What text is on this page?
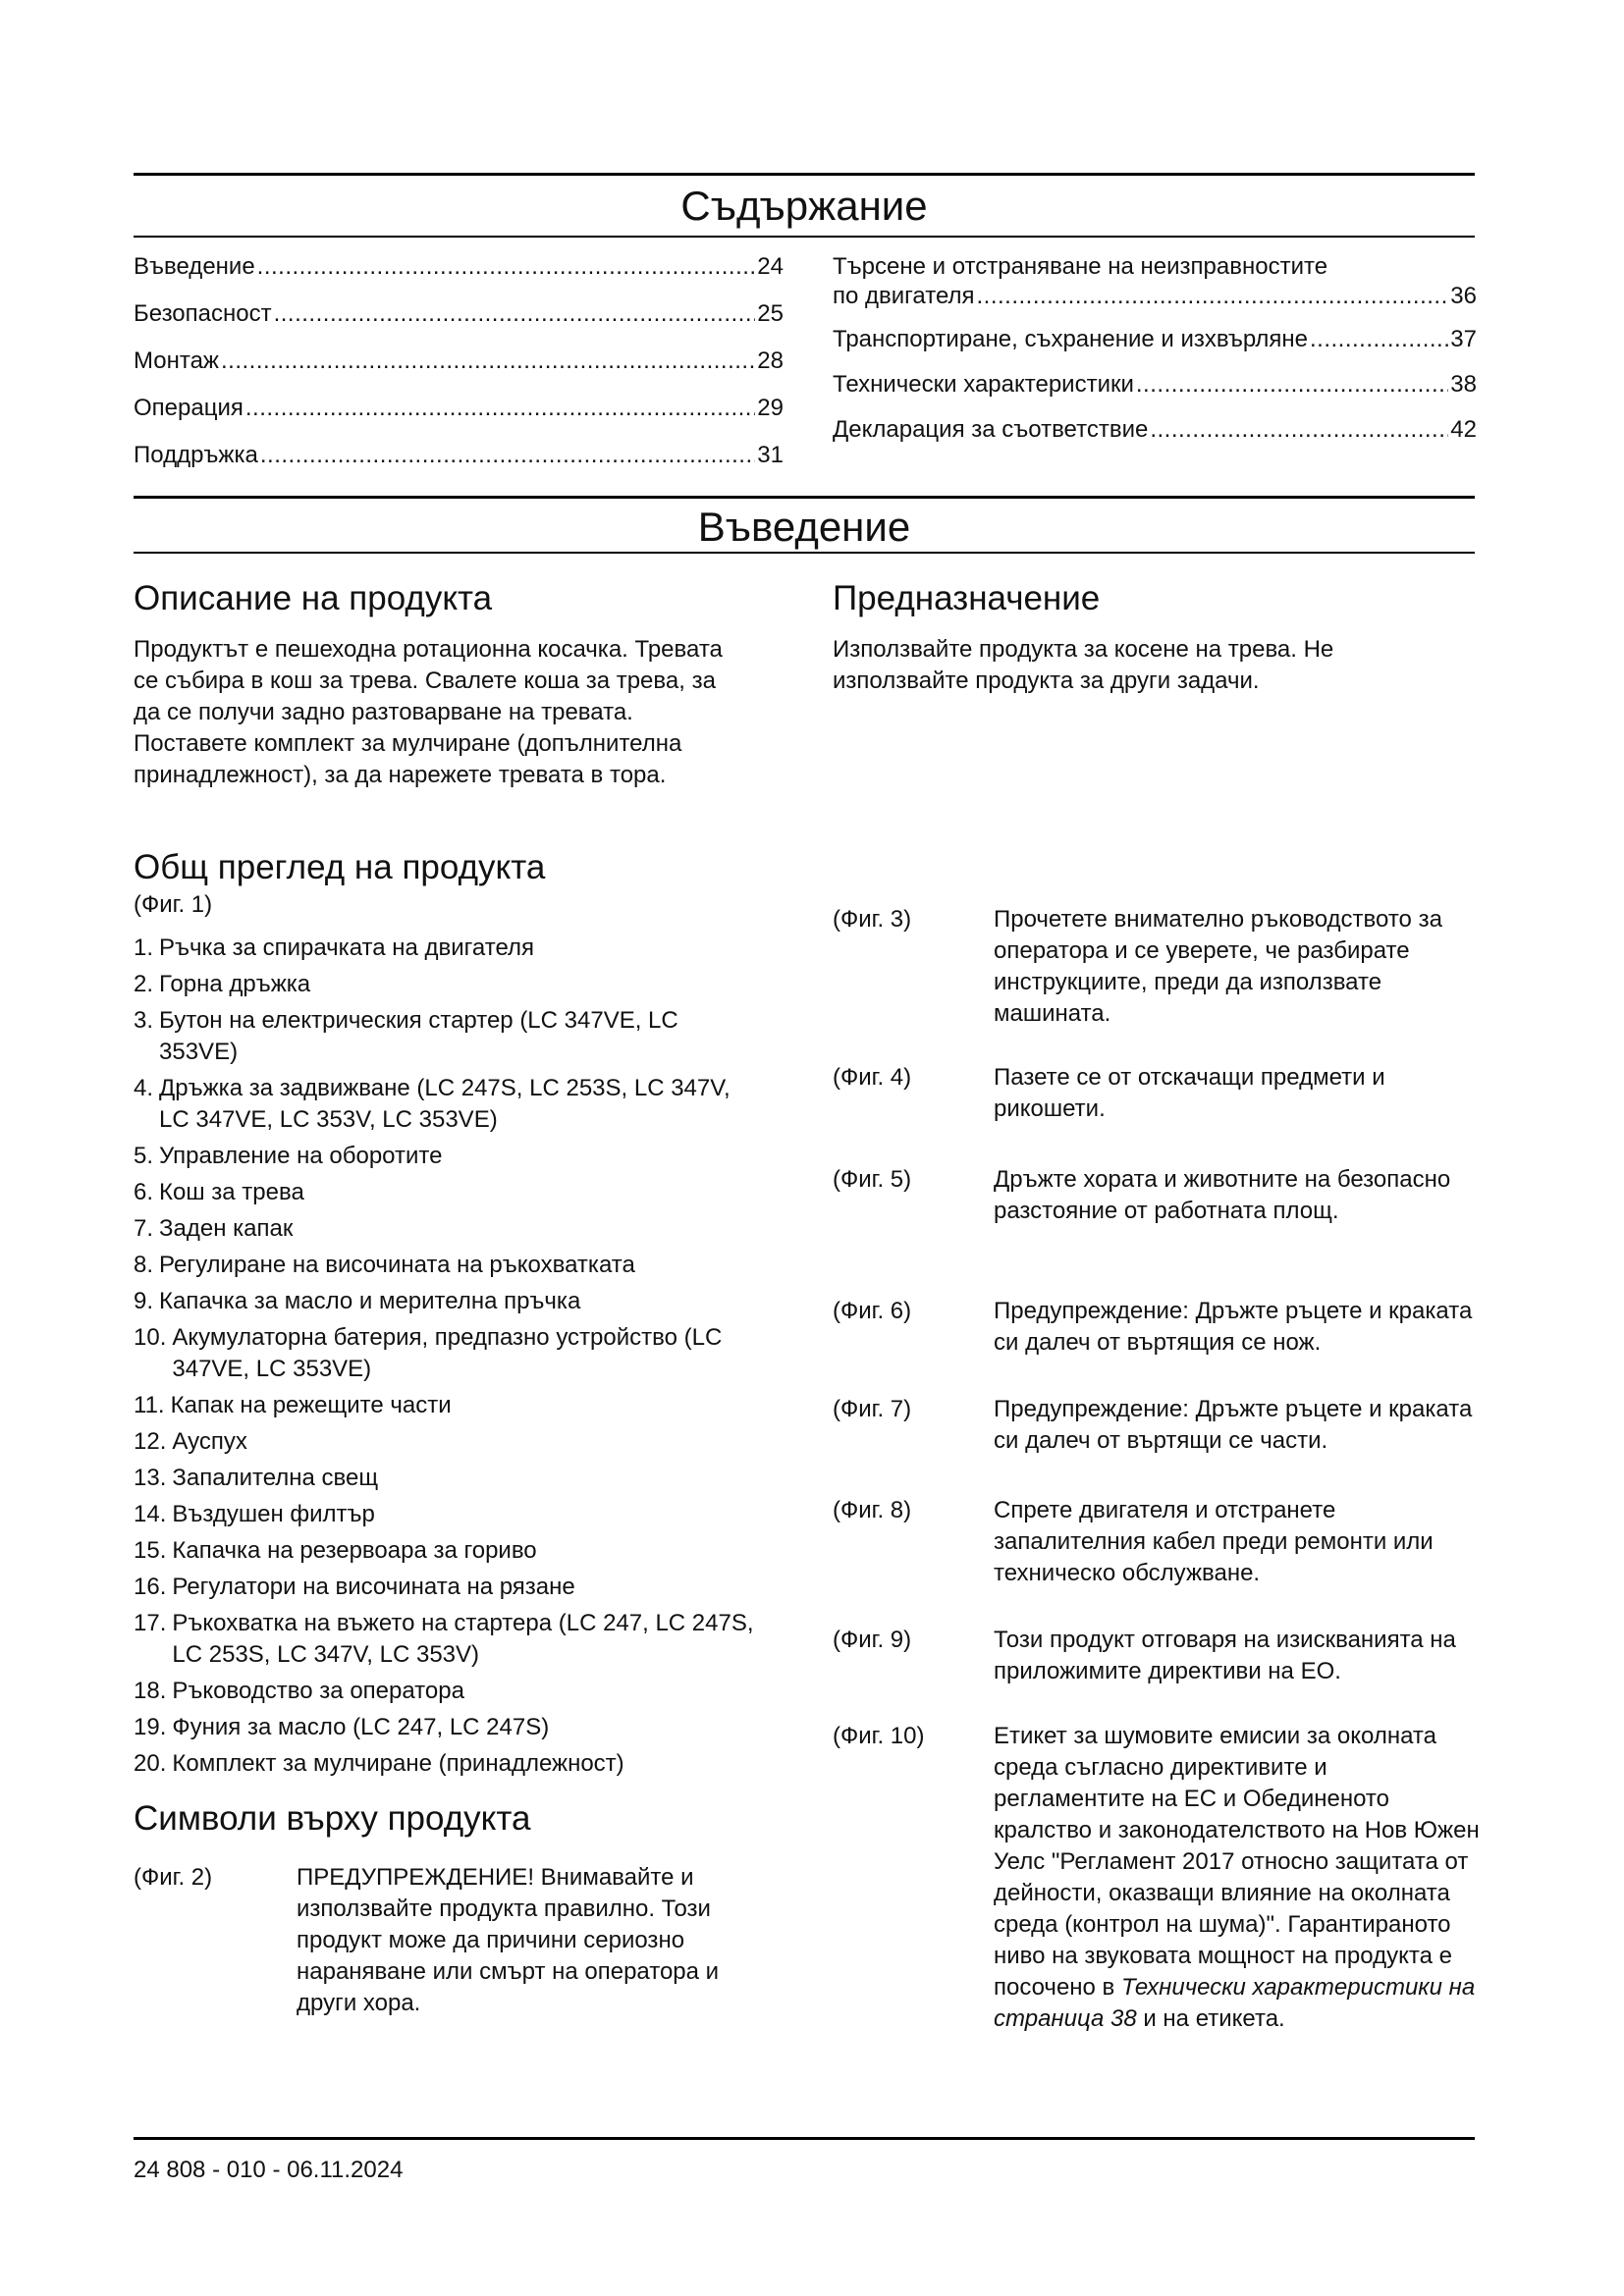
Съдържание
Въведение .....	24
Безопасност .....	25
Монтаж .....	28
Операция .....	29
Поддръжка .....	31
Търсене и отстраняване на неизправностите
по двигателя .....	36
Транспортиране, съхранение и изхвърляне .....	37
Технически характеристики .....	38
Декларация за съответствие .....	42
Въведение
Описание на продукта

Продуктът е пешеходна ротационна косачка. Тревата се събира в кош за трева. Свалете коша за трева, за да се получи задно разтоварване на тревата. Поставете комплект за мулчиране (допълнителна принадлежност), за да нарежете тревата в тора.

Предназначение

Използвайте продукта за косене на трева. Не използвайте продукта за други задачи.

Общ преглед на продукта
(Фиг. 1)
1. Ръчка за спирачката на двигателя
2. Горна дръжка
3. Бутон на електрическия стартер (LC 347VE, LC 353VE)
4. Дръжка за задвижване (LC 247S, LC 253S, LC 347V, LC 347VE, LC 353V, LC 353VE)
5. Управление на оборотите
6. Кош за трева
7. Заден капак
8. Регулиране на височината на ръкохватката
9. Капачка за масло и мерителна пръчка
10. Акумулаторна батерия, предпазно устройство (LC 347VE, LC 353VE)
11. Капак на режещите части
12. Ауспух
13. Запалителна свещ
14. Въздушен филтър
15. Капачка на резервоара за гориво
16. Регулатори на височината на рязане
17. Ръкохватка на въжето на стартера (LC 247, LC 247S, LC 253S, LC 347V, LC 353V)
18. Ръководство за оператора
19. Фуния за масло (LC 247, LC 247S)
20. Комплект за мулчиране (принадлежност)
Символи върху продукта
(Фиг. 2)	ПРЕДУПРЕЖДЕНИЕ! Внимавайте и използвайте продукта правилно. Този продукт може да причини сериозно нараняване или смърт на оператора и други хора.
(Фиг. 3)	Прочетете внимателно ръководството за оператора и се уверете, че разбирате инструкциите, преди да използвате машината.
(Фиг. 4)	Пазете се от отскачащи предмети и рикошети.
(Фиг. 5)	Дръжте хората и животните на безопасно разстояние от работната площ.
(Фиг. 6)	Предупреждение: Дръжте ръцете и краката си далеч от въртящия се нож.
(Фиг. 7)	Предупреждение: Дръжте ръцете и краката си далеч от въртящи се части.
(Фиг. 8)	Спрете двигателя и отстранете запалителния кабел преди ремонти или техническо обслужване.
(Фиг. 9)	Този продукт отговаря на изискванията на приложимите директиви на ЕО.
(Фиг. 10)	Етикет за шумовите емисии за околната среда съгласно директивите и регламентите на ЕС и Обединеното кралство и законодателството на Нов Южен Уелс "Регламент 2017 относно защитата от дейности, оказващи влияние на околната среда (контрол на шума)". Гарантираното ниво на звуковата мощност на продукта е посочено в Технически характеристики на страница 38 и на етикета.
24 808 - 010 - 06.11.2024
